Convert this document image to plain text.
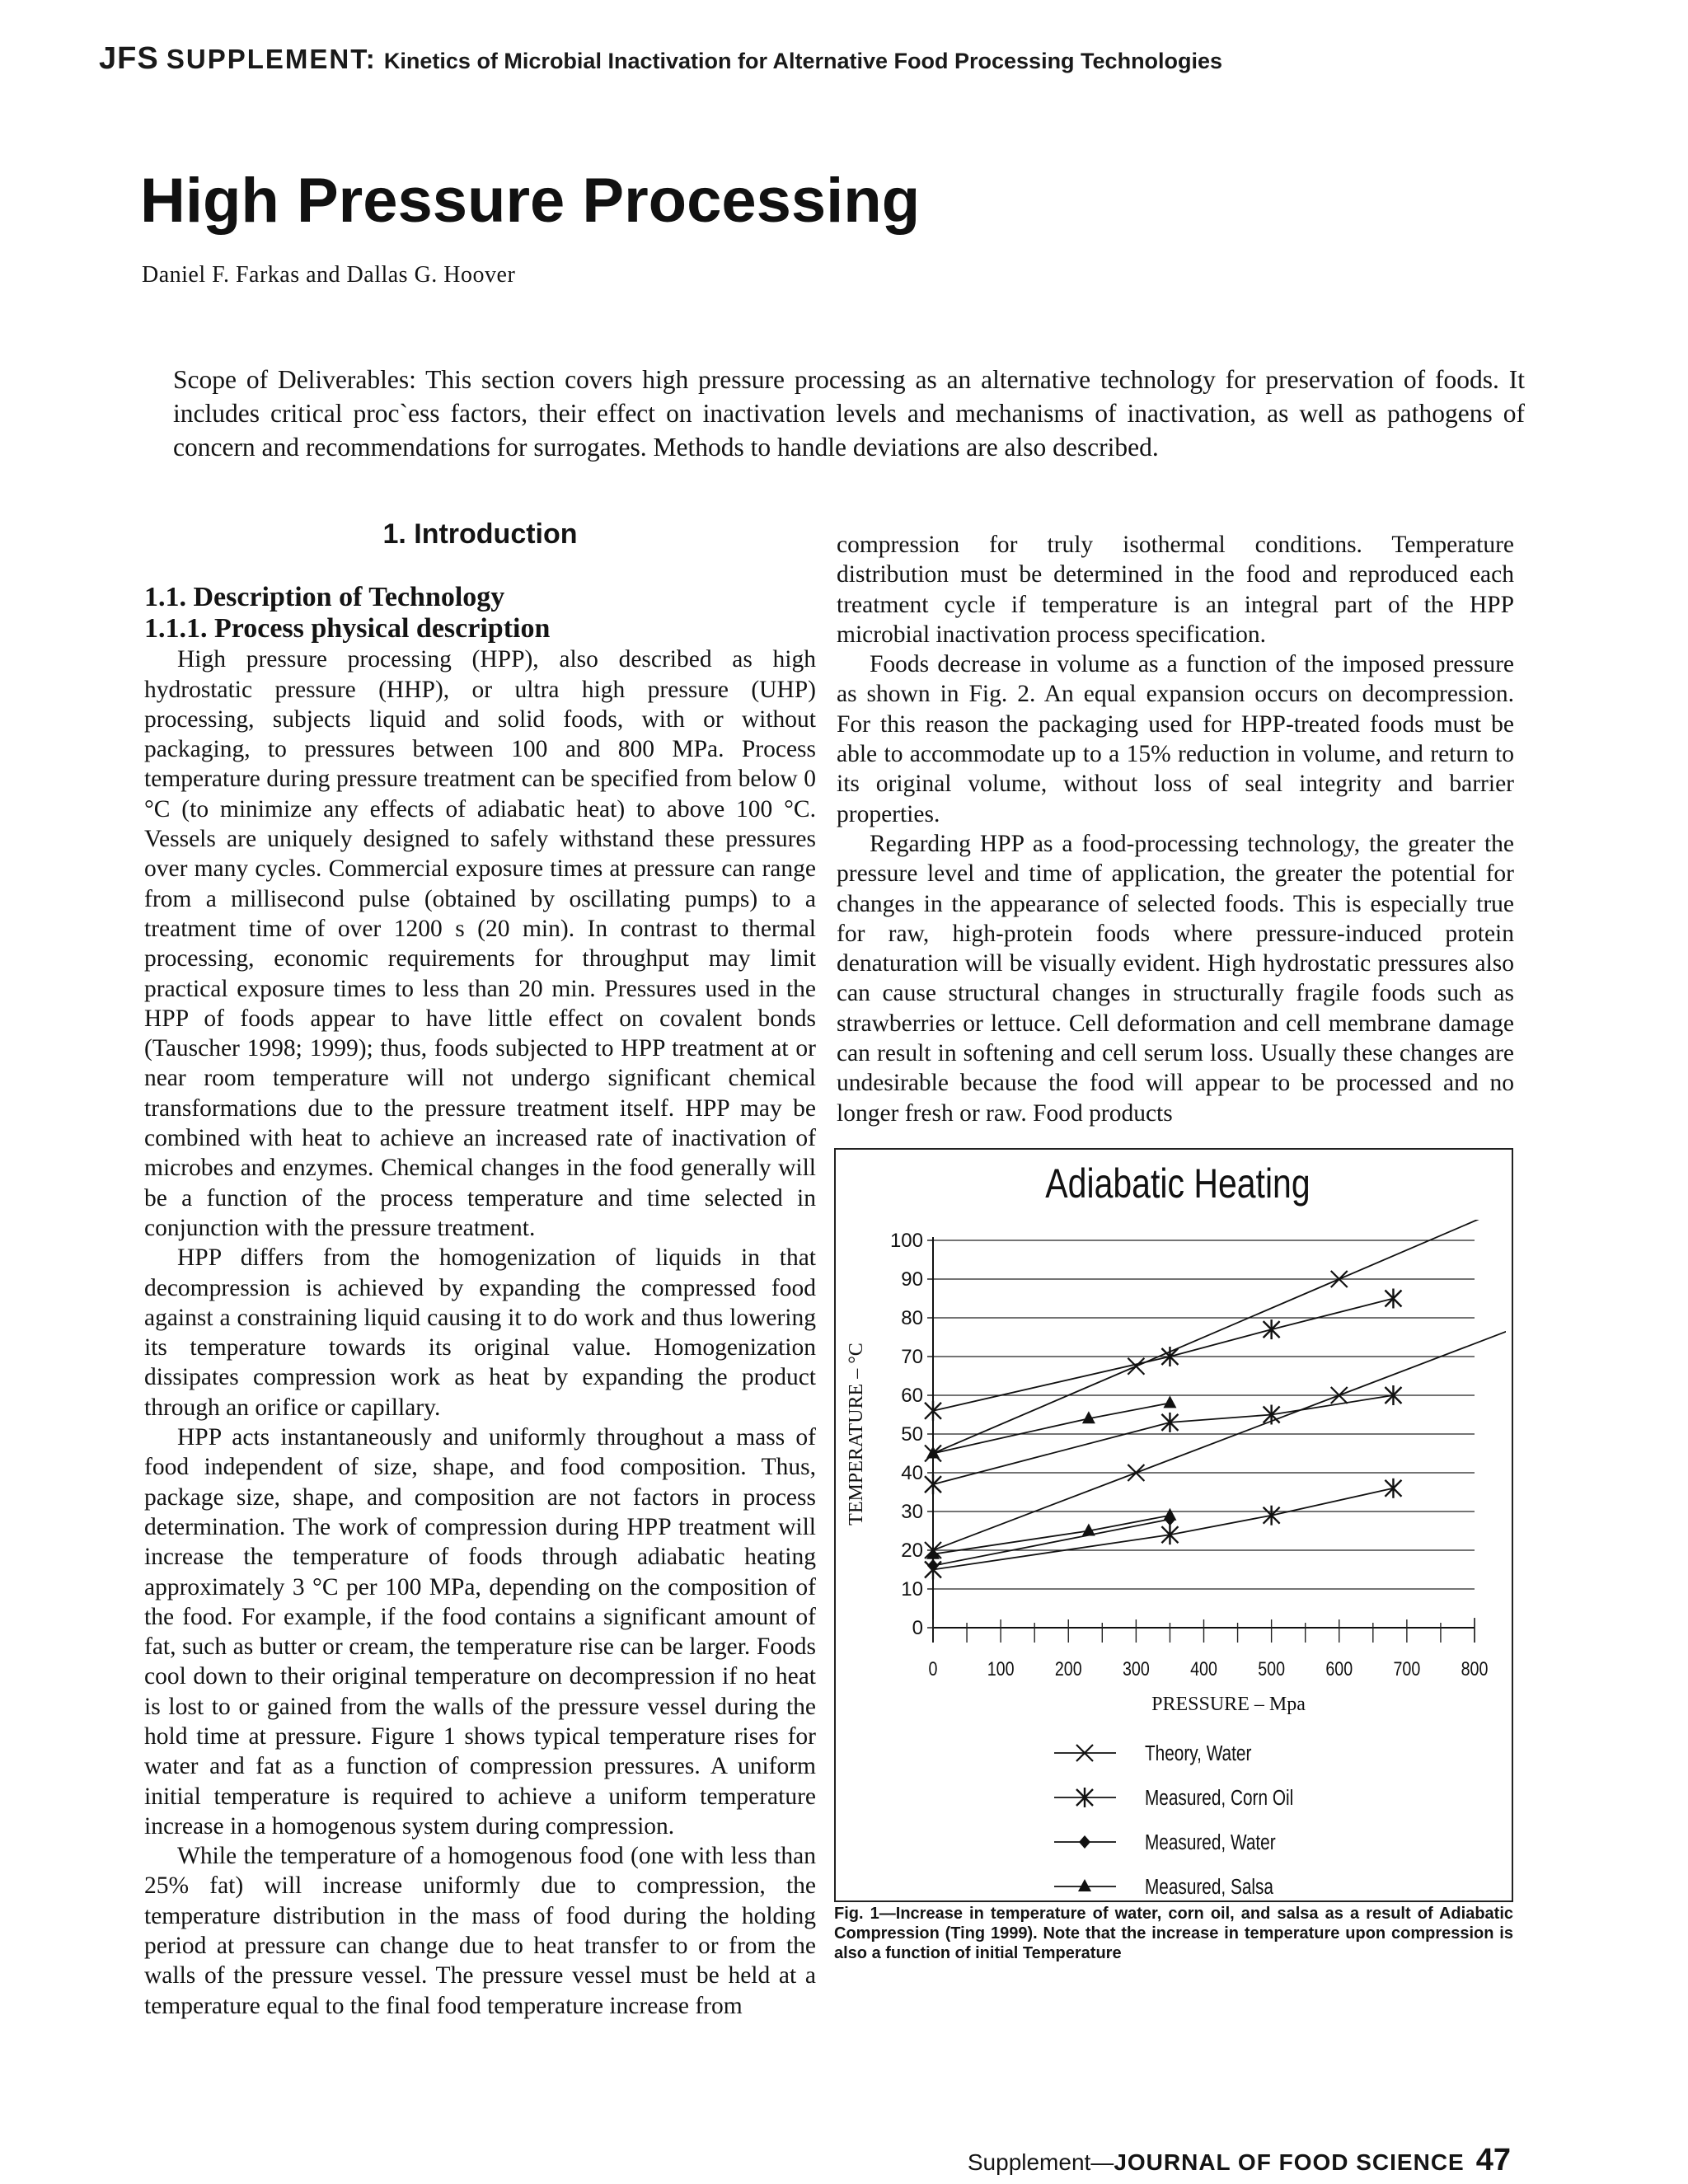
JFS SUPPLEMENT: Kinetics of Microbial Inactivation for Alternative Food Processing Technologies
High Pressure Processing
Daniel F. Farkas and Dallas G. Hoover
Scope of Deliverables: This section covers high pressure processing as an alternative technology for preservation of foods. It includes critical proc`ess factors, their effect on inactivation levels and mechanisms of inactivation, as well as pathogens of concern and recommendations for surrogates. Methods to handle deviations are also described.
1. Introduction
1.1. Description of Technology
1.1.1. Process physical description

High pressure processing (HPP), also described as high hydrostatic pressure (HHP), or ultra high pressure (UHP) processing, subjects liquid and solid foods, with or without packaging, to pressures between 100 and 800 MPa. Process temperature during pressure treatment can be specified from below 0 °C (to minimize any effects of adiabatic heat) to above 100 °C. Vessels are uniquely designed to safely withstand these pressures over many cycles. Commercial exposure times at pressure can range from a millisecond pulse (obtained by oscillating pumps) to a treatment time of over 1200 s (20 min). In contrast to thermal processing, economic requirements for throughput may limit practical exposure times to less than 20 min. Pressures used in the HPP of foods appear to have little effect on covalent bonds (Tauscher 1998; 1999); thus, foods subjected to HPP treatment at or near room temperature will not undergo significant chemical transformations due to the pressure treatment itself. HPP may be combined with heat to achieve an increased rate of inactivation of microbes and enzymes. Chemical changes in the food generally will be a function of the process temperature and time selected in conjunction with the pressure treatment.

HPP differs from the homogenization of liquids in that decompression is achieved by expanding the compressed food against a constraining liquid causing it to do work and thus lowering its temperature towards its original value. Homogenization dissipates compression work as heat by expanding the product through an orifice or capillary.

HPP acts instantaneously and uniformly throughout a mass of food independent of size, shape, and food composition. Thus, package size, shape, and composition are not factors in process determination. The work of compression during HPP treatment will increase the temperature of foods through adiabatic heating approximately 3 °C per 100 MPa, depending on the composition of the food. For example, if the food contains a significant amount of fat, such as butter or cream, the temperature rise can be larger. Foods cool down to their original temperature on decompression if no heat is lost to or gained from the walls of the pressure vessel during the hold time at pressure. Figure 1 shows typical temperature rises for water and fat as a function of compression pressures. A uniform initial temperature is required to achieve a uniform temperature increase in a homogenous system during compression.

While the temperature of a homogenous food (one with less than 25% fat) will increase uniformly due to compression, the temperature distribution in the mass of food during the holding period at pressure can change due to heat transfer to or from the walls of the pressure vessel. The pressure vessel must be held at a temperature equal to the final food temperature increase from

compression for truly isothermal conditions. Temperature distribution must be determined in the food and reproduced each treatment cycle if temperature is an integral part of the HPP microbial inactivation process specification.

Foods decrease in volume as a function of the imposed pressure as shown in Fig. 2. An equal expansion occurs on decompression. For this reason the packaging used for HPP-treated foods must be able to accommodate up to a 15% reduction in volume, and return to its original volume, without loss of seal integrity and barrier properties.

Regarding HPP as a food-processing technology, the greater the pressure level and time of application, the greater the potential for changes in the appearance of selected foods. This is especially true for raw, high-protein foods where pressure-induced protein denaturation will be visually evident. High hydrostatic pressures also can cause structural changes in structurally fragile foods such as strawberries or lettuce. Cell deformation and cell membrane damage can result in softening and cell serum loss. Usually these changes are undesirable because the food will appear to be processed and no longer fresh or raw. Food products

Adiabatic Heating
0
10
20
30
40
50
60
70
80
90
100
0	100 200 300 400 500 600 700 800
TEMPERATURE – °C
PRESSURE – Mpa
Theory, Water
Measured, Corn Oil
Measured, Water
Measured, Salsa
Fig. 1—Increase in temperature of water, corn oil, and salsa as a result of Adiabatic Compression (Ting 1999). Note that the increase in temperature upon compression is also a function of initial Temperature
Supplement—JOURNAL OF FOOD SCIENCE 47
